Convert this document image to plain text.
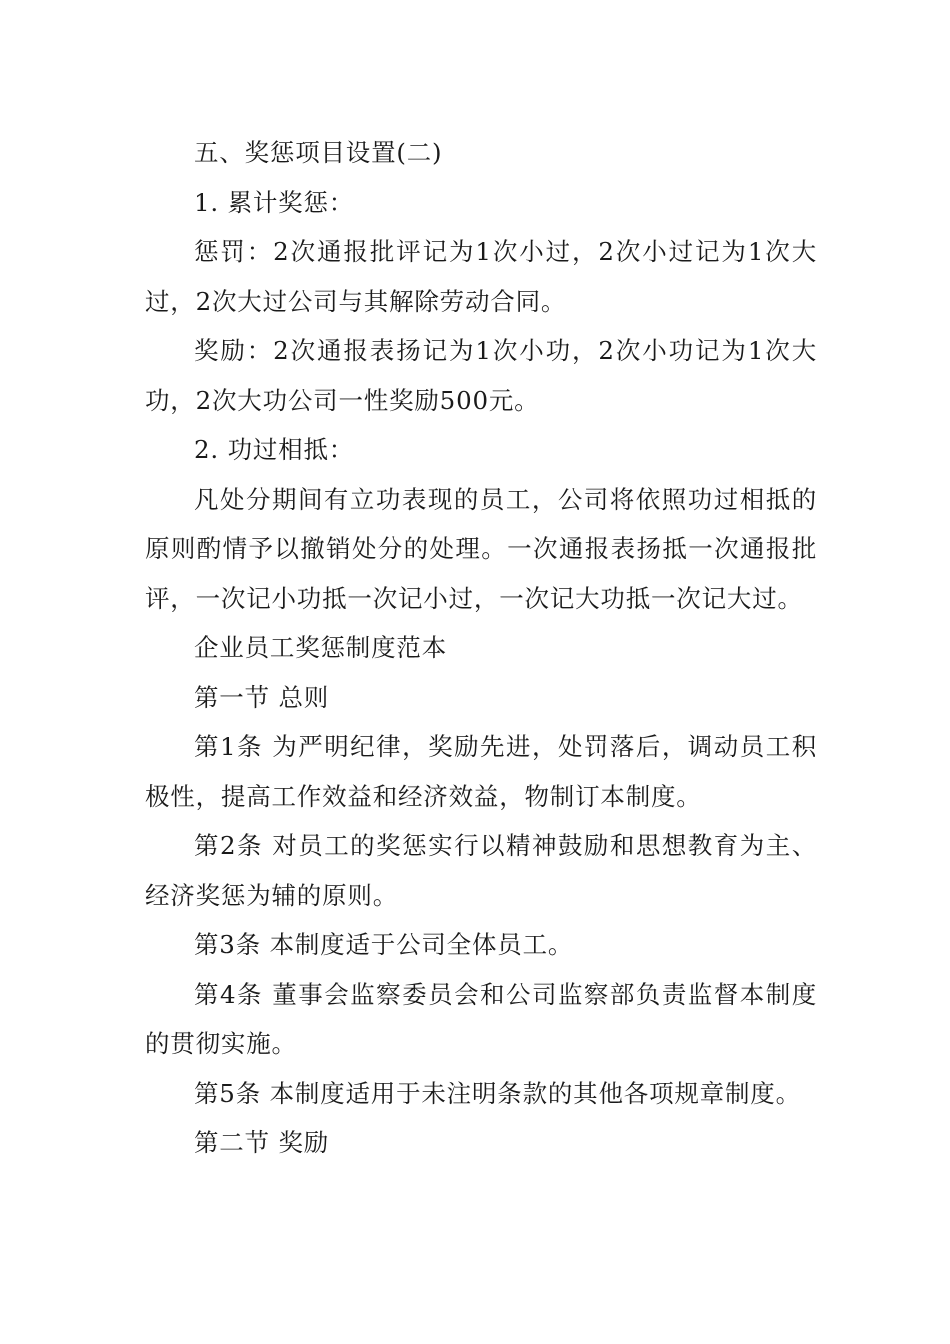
五、奖惩项目设置(二)

1. 累计奖惩：

惩罚：2次通报批评记为1次小过，2次小过记为1次大过，2次大过公司与其解除劳动合同。

奖励：2次通报表扬记为1次小功，2次小功记为1次大功，2次大功公司一性奖励500元。

2. 功过相抵：

凡处分期间有立功表现的员工，公司将依照功过相抵的原则酌情予以撤销处分的处理。一次通报表扬抵一次通报批评，一次记小功抵一次记小过，一次记大功抵一次记大过。

企业员工奖惩制度范本

第一节 总则

第1条 为严明纪律，奖励先进，处罚落后，调动员工积极性，提高工作效益和经济效益，物制订本制度。

第2条 对员工的奖惩实行以精神鼓励和思想教育为主、经济奖惩为辅的原则。

第3条 本制度适于公司全体员工。

第4条 董事会监察委员会和公司监察部负责监督本制度的贯彻实施。

第5条 本制度适用于未注明条款的其他各项规章制度。

第二节 奖励
